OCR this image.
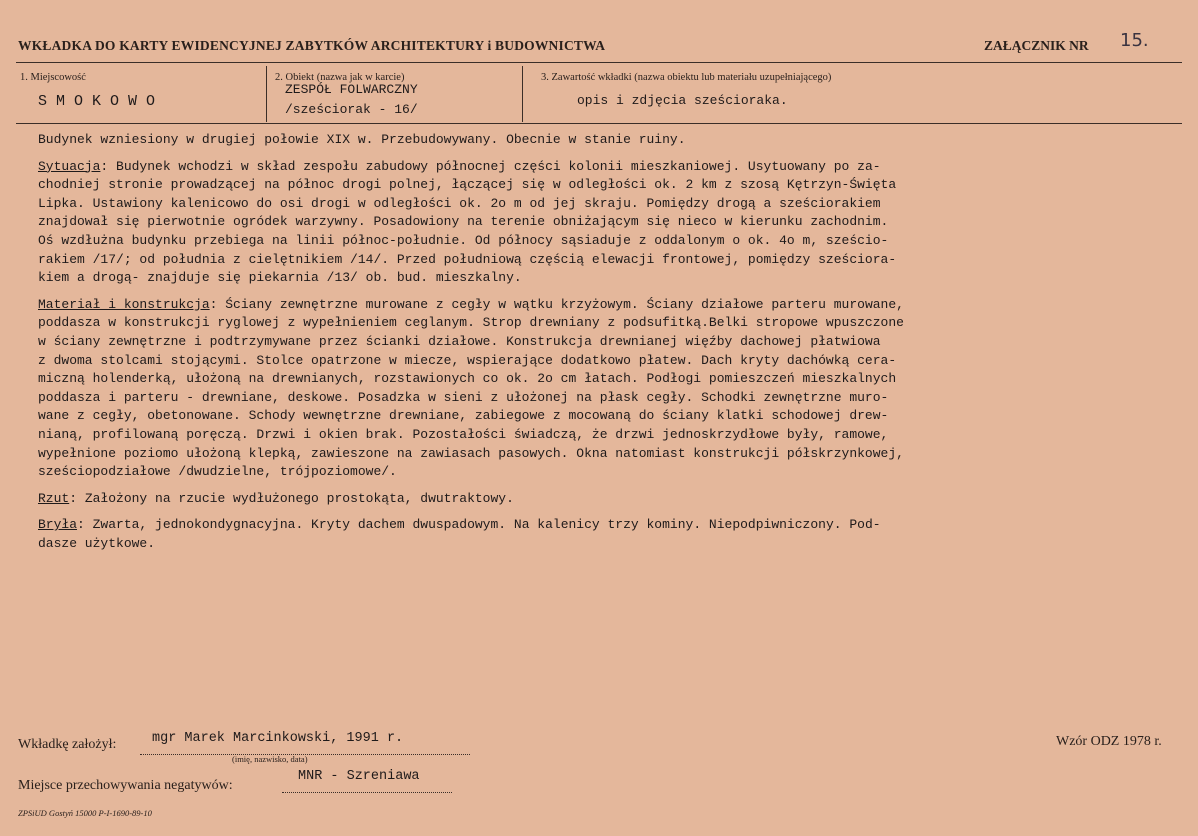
WKŁADKA DO KARTY EWIDENCYJNEJ ZABYTKÓW ARCHITEKTURY i BUDOWNICTWA	ZAŁĄCZNIK NR 15.
1. Miejscowość
S M O K O W O
2. Obiekt (nazwa jak w karcie)
ZESPÓŁ FOLWARCZNY
/sześciorak - 16/
3. Zawartość wkładki (nazwa obiektu lub materiału uzupełniającego)
opis i zdjęcia sześcioraka.

Budynek wzniesiony w drugiej połowie XIX w. Przebudowywany. Obecnie w stanie ruiny.

Sytuacja: Budynek wchodzi w skład zespołu zabudowy północnej części kolonii mieszkaniowej. Usytuowany po za-
chodniej stronie prowadzącej na północ drogi polnej, łączącej się w odległości ok. 2 km z szosą Kętrzyn-Święta
Lipka. Ustawiony kalenicowo do osi drogi w odległości ok. 2o m od jej skraju. Pomiędzy drogą a sześciorakiem
znajdował się pierwotnie ogródek warzywny. Posadowiony na terenie obniżającym się nieco w kierunku zachodnim.
Oś wzdłużna budynku przebiega na linii północ-południe. Od północy sąsiaduje z oddalonym o ok. 4o m, sześcio-
rakiem /17/; od południa z cielętnikiem /14/. Przed południową częścią elewacji frontowej, pomiędzy sześciora-
kiem a drogą- znajduje się piekarnia /13/ ob. bud. mieszkalny.
Materiał i konstrukcja: Ściany zewnętrzne murowane z cegły w wątku krzyżowym. Ściany działowe parteru murowane,
poddasza w konstrukcji ryglowej z wypełnieniem ceglanym. Strop drewniany z podsufitką.Belki stropowe wpuszczone
w ściany zewnętrzne i podtrzymywane przez ścianki działowe. Konstrukcja drewnianej więźby dachowej płatwiowa
z dwoma stolcami stojącymi. Stolce opatrzone w miecze, wspierające dodatkowo płatew. Dach kryty dachówką cera-
miczną holenderką, ułożoną na drewnianych, rozstawionych co ok. 2o cm łatach. Podłogi pomieszczeń mieszkalnych
poddasza i parteru - drewniane, deskowe. Posadzka w sieni z ułożonej na płask cegły. Schodki zewnętrzne muro-
wane z cegły, obetonowane. Schody wewnętrzne drewniane, zabiegowe z mocowaną do ściany klatki schodowej drew-
nianą, profilowaną poręczą. Drzwi i okien brak. Pozostałości świadczą, że drzwi jednoskrzydłowe były, ramowe,
wypełnione poziomo ułożoną klepką, zawieszone na zawiasach pasowych. Okna natomiast konstrukcji półskrzynkowej,
sześciopodziałowe /dwudzielne, trójpoziomowe/.
Rzut: Założony na rzucie wydłużonego prostokąta, dwutraktowy.
Bryła: Zwarta, jednokondygnacyjna. Kryty dachem dwuspadowym. Na kalenicy trzy kominy. Niepodpiwniczony. Pod-
dasze użytkowe.
Wkładkę założył:	mgr Marek Marcinkowski, 1991 r.
(imię, nazwisko, data)
Wzór ODZ 1978 r.
Miejsce przechowywania negatywów:
MNR - Szreniawa
ZPSiUD Gostyń 15000 P-I-1690-89-10
